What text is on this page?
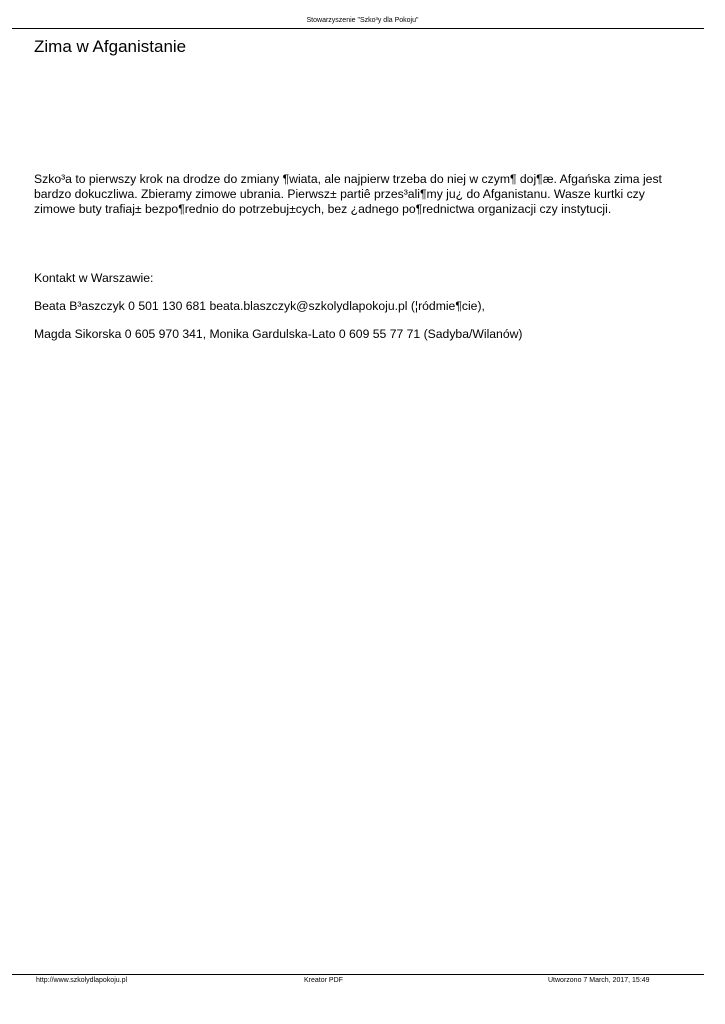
Stowarzyszenie "Szko³y dla Pokoju"
Zima w Afganistanie

Szko³a to pierwszy krok na drodze do zmiany ¶wiata, ale najpierw trzeba do niej w czym¶ doj¶æ. Afgańska zima jest bardzo dokuczliwa. Zbieramy zimowe ubrania. Pierwsz± partiê przes³ali¶my ju¿ do Afganistanu. Wasze kurtki czy zimowe buty trafiaj± bezpo¶rednio do potrzebuj±cych, bez ¿adnego po¶rednictwa organizacji czy instytucji.

Kontakt w Warszawie:

Beata B³aszczyk 0 501 130 681 beata.blaszczyk@szkolydlapokoju.pl (¦ródmie¶cie),

Magda Sikorska 0 605 970 341, Monika Gardulska-Lato 0 609 55 77 71 (Sadyba/Wilanów)

http://www.szkolydlapokoju.pl	Kreator PDF	Utworzono 7 March, 2017, 15:49
